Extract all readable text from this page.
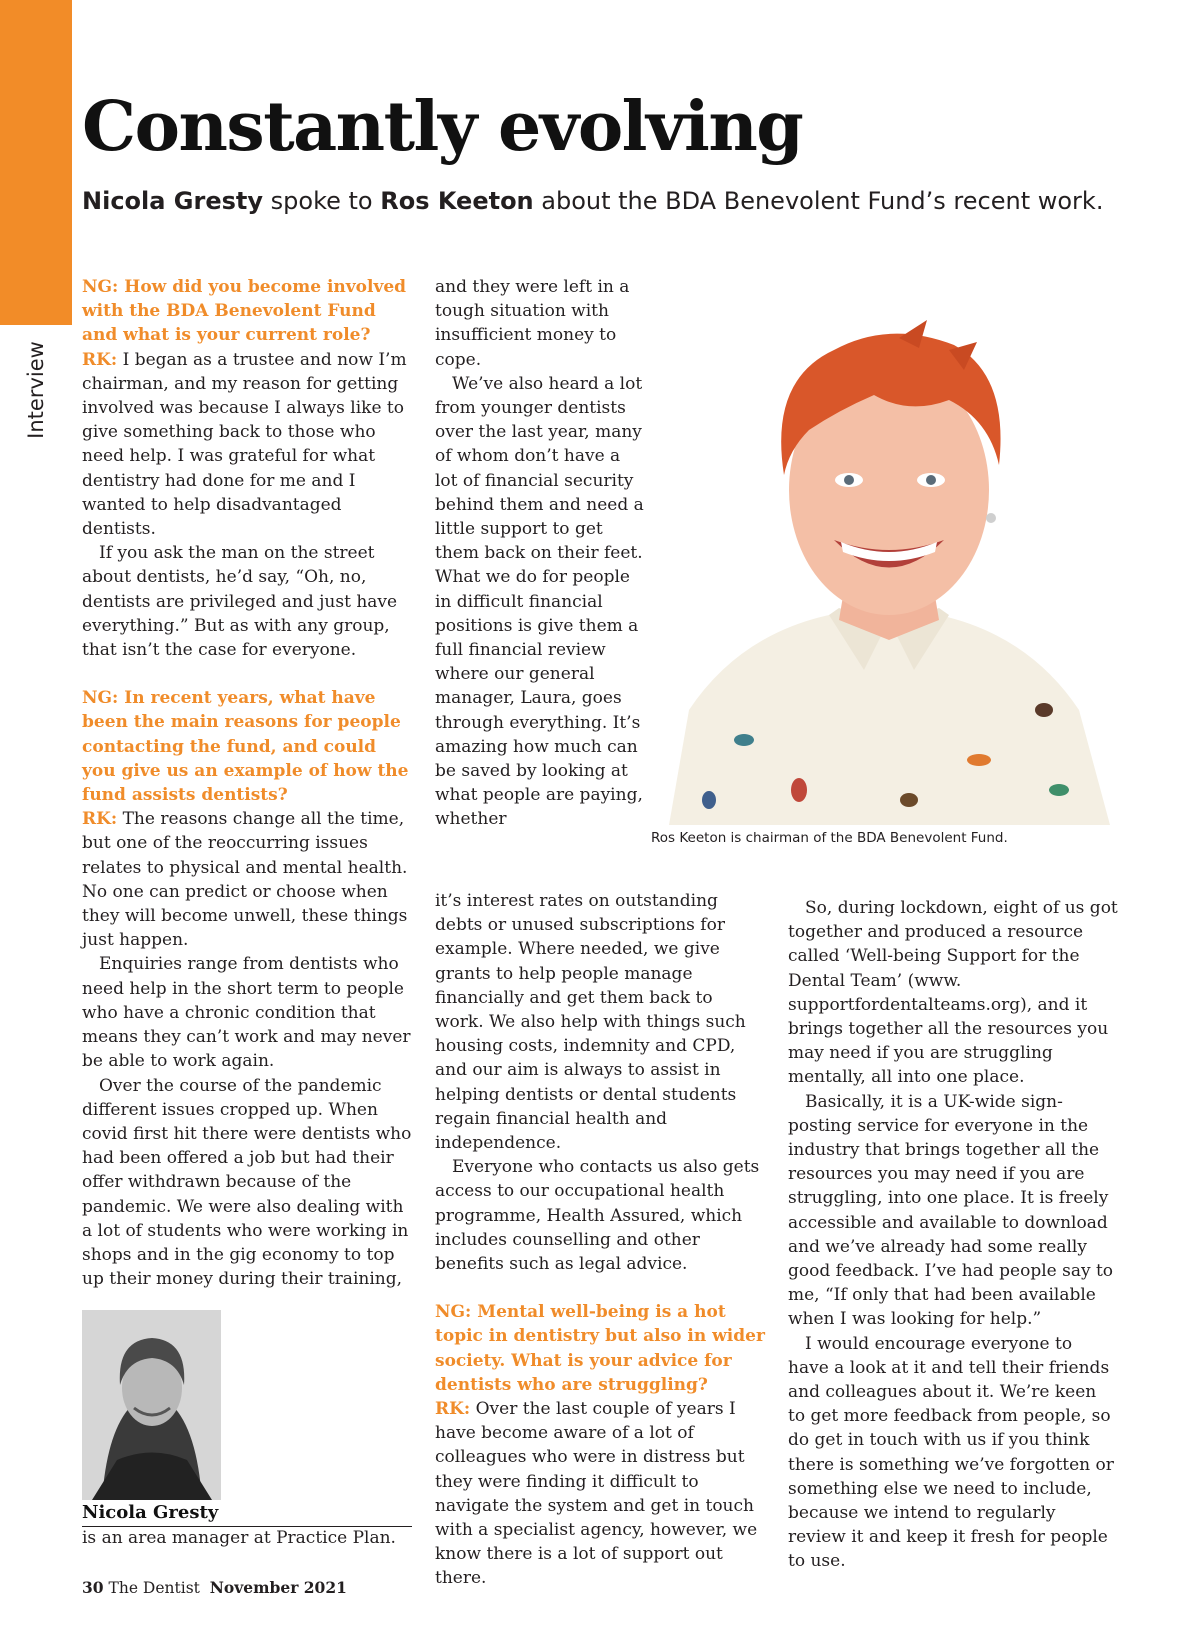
Interview
Constantly evolving

Nicola Gresty spoke to Ros Keeton about the BDA Benevolent Fund’s recent work.

NG: How did you become involved with the BDA Benevolent Fund and what is your current role?

RK: I began as a trustee and now I’m chairman, and my reason for getting involved was because I always like to give something back to those who need help. I was grateful for what dentistry had done for me and I wanted to help disadvantaged dentists.

If you ask the man on the street about dentists, he’d say, “Oh, no, dentists are privileged and just have everything.” But as with any group, that isn’t the case for everyone.

NG: In recent years, what have been the main reasons for people contacting the fund, and could you give us an example of how the fund assists dentists?

RK: The reasons change all the time, but one of the reoccurring issues relates to physical and mental health. No one can predict or choose when they will become unwell, these things just happen.

Enquiries range from dentists who need help in the short term to people who have a chronic condition that means they can’t work and may never be able to work again.

Over the course of the pandemic different issues cropped up. When covid first hit there were dentists who had been offered a job but had their offer withdrawn because of the pandemic. We were also dealing with a lot of students who were working in shops and in the gig economy to top up their money during their training,

and they were left in a tough situation with insufficient money to cope.

We’ve also heard a lot from younger dentists over the last year, many of whom don’t have a lot of financial security behind them and need a little support to get them back on their feet. What we do for people in difficult financial positions is give them a full financial review where our general manager, Laura, goes through everything. It’s amazing how much can be saved by looking at what people are paying, whether

it’s interest rates on outstanding debts or unused subscriptions for example. Where needed, we give grants to help people manage financially and get them back to work. We also help with things such housing costs, indemnity and CPD, and our aim is always to assist in helping dentists or dental students regain financial health and independence.

Everyone who contacts us also gets access to our occupational health programme, Health Assured, which includes counselling and other benefits such as legal advice.

NG: Mental well-being is a hot topic in dentistry but also in wider society. What is your advice for dentists who are struggling?

RK: Over the last couple of years I have become aware of a lot of colleagues who were in distress but they were finding it difficult to navigate the system and get in touch with a specialist agency, however, we know there is a lot of support out there.

So, during lockdown, eight of us got together and produced a resource called ‘Well-being Support for the Dental Team’ (www. supportfordentalteams.org), and it brings together all the resources you may need if you are struggling mentally, all into one place.

Basically, it is a UK-wide sign-posting service for everyone in the industry that brings together all the resources you may need if you are struggling, into one place. It is freely accessible and available to download and we’ve already had some really good feedback. I’ve had people say to me, “If only that had been available when I was looking for help.”

I would encourage everyone to have a look at it and tell their friends and colleagues about it. We’re keen to get more feedback from people, so do get in touch with us if you think there is something we’ve forgotten or something else we need to include, because we intend to regularly review it and keep it fresh for people to use.

Ros Keeton is chairman of the BDA Benevolent Fund.
Nicola Gresty
is an area manager at Practice Plan.
30 The Dentist  November 2021
